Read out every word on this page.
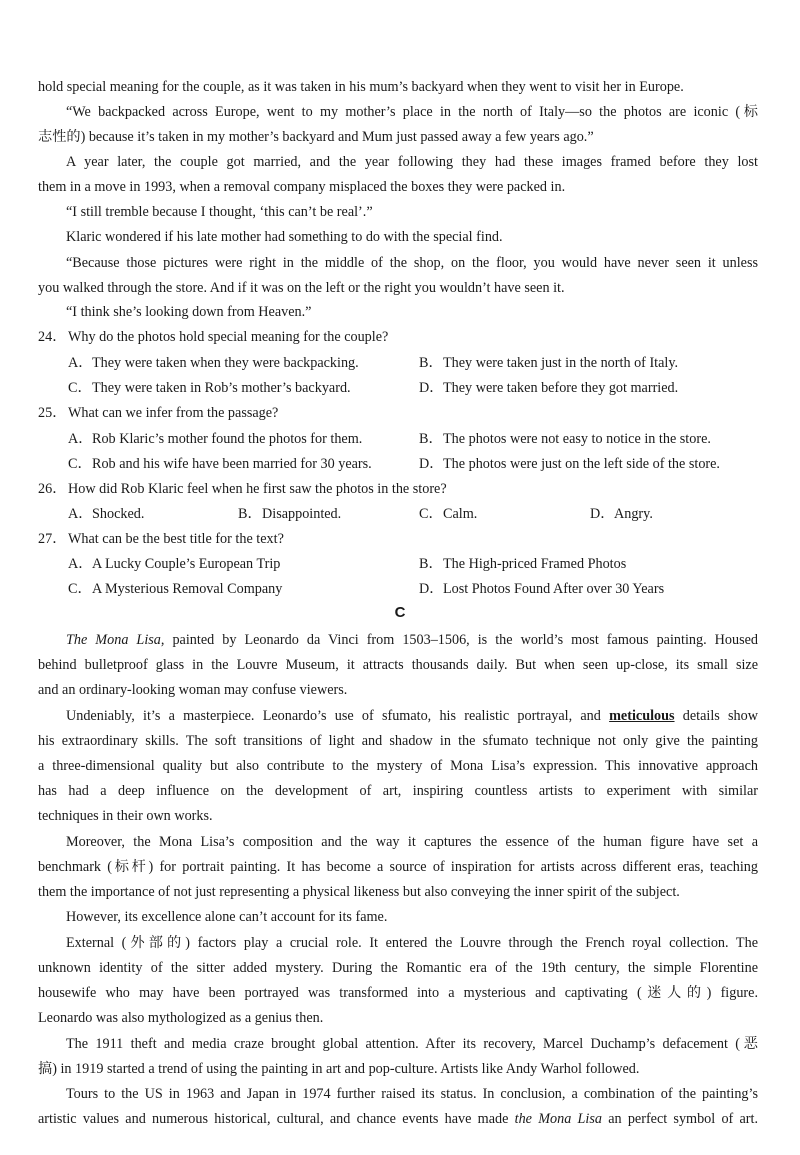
hold special meaning for the couple, as it was taken in his mum’s backyard when they went to visit her in Europe.
“We backpacked across Europe, went to my mother’s place in the north of Italy—so the photos are iconic (标
志性的) because it’s taken in my mother’s backyard and Mum just passed away a few years ago.”
A year later, the couple got married, and the year following they had these images framed before they lost
them in a move in 1993, when a removal company misplaced the boxes they were packed in.
“I still tremble because I thought, ‘this can’t be real’.”
Klaric wondered if his late mother had something to do with the special find.
“Because those pictures were right in the middle of the shop, on the floor, you would have never seen it unless
you walked through the store. And if it was on the left or the right you wouldn’t have seen it.
“I think she’s looking down from Heaven.”
24． Why do the photos hold special meaning for the couple?
A．They were taken when they were backpacking.	B．They were taken just in the north of Italy.
C．They were taken in Rob’s mother’s backyard.	D．They were taken before they got married.
25． What can we infer from the passage?
A．Rob Klaric’s mother found the photos for them.	B．The photos were not easy to notice in the store.
C．Rob and his wife have been married for 30 years.	D．The photos were just on the left side of the store.
26． How did Rob Klaric feel when he first saw the photos in the store?
A．Shocked.	B．Disappointed.	C．Calm.	D．Angry.
27． What can be the best title for the text?
A．A Lucky Couple’s European Trip	B．The High-priced Framed Photos
C．A Mysterious Removal Company	D．Lost Photos Found After over 30 Years
C
The Mona Lisa, painted by Leonardo da Vinci from 1503–1506, is the world’s most famous painting. Housed
behind bulletproof glass in the Louvre Museum, it attracts thousands daily. But when seen up-close, its small size
and an ordinary-looking woman may confuse viewers.
Undeniably, it’s a masterpiece. Leonardo’s use of sfumato, his realistic portrayal, and meticulous details show
his extraordinary skills. The soft transitions of light and shadow in the sfumato technique not only give the painting
a three-dimensional quality but also contribute to the mystery of Mona Lisa’s expression. This innovative approach
has had a deep influence on the development of art, inspiring countless artists to experiment with similar
techniques in their own works.
Moreover, the Mona Lisa’s composition and the way it captures the essence of the human figure have set a
benchmark (标杆) for portrait painting. It has become a source of inspiration for artists across different eras, teaching
them the importance of not just representing a physical likeness but also conveying the inner spirit of the subject.
However, its excellence alone can’t account for its fame.
External (外部的) factors play a crucial role. It entered the Louvre through the French royal collection. The
unknown identity of the sitter added mystery. During the Romantic era of the 19th century, the simple Florentine
housewife who may have been portrayed was transformed into a mysterious and captivating (迷人的) figure.
Leonardo was also mythologized as a genius then.
The 1911 theft and media craze brought global attention. After its recovery, Marcel Duchamp’s defacement (恶
搞) in 1919 started a trend of using the painting in art and pop-culture. Artists like Andy Warhol followed.
Tours to the US in 1963 and Japan in 1974 further raised its status. In conclusion, a combination of the painting’s
artistic values and numerous historical, cultural, and chance events have made the Mona Lisa an perfect symbol of art.
